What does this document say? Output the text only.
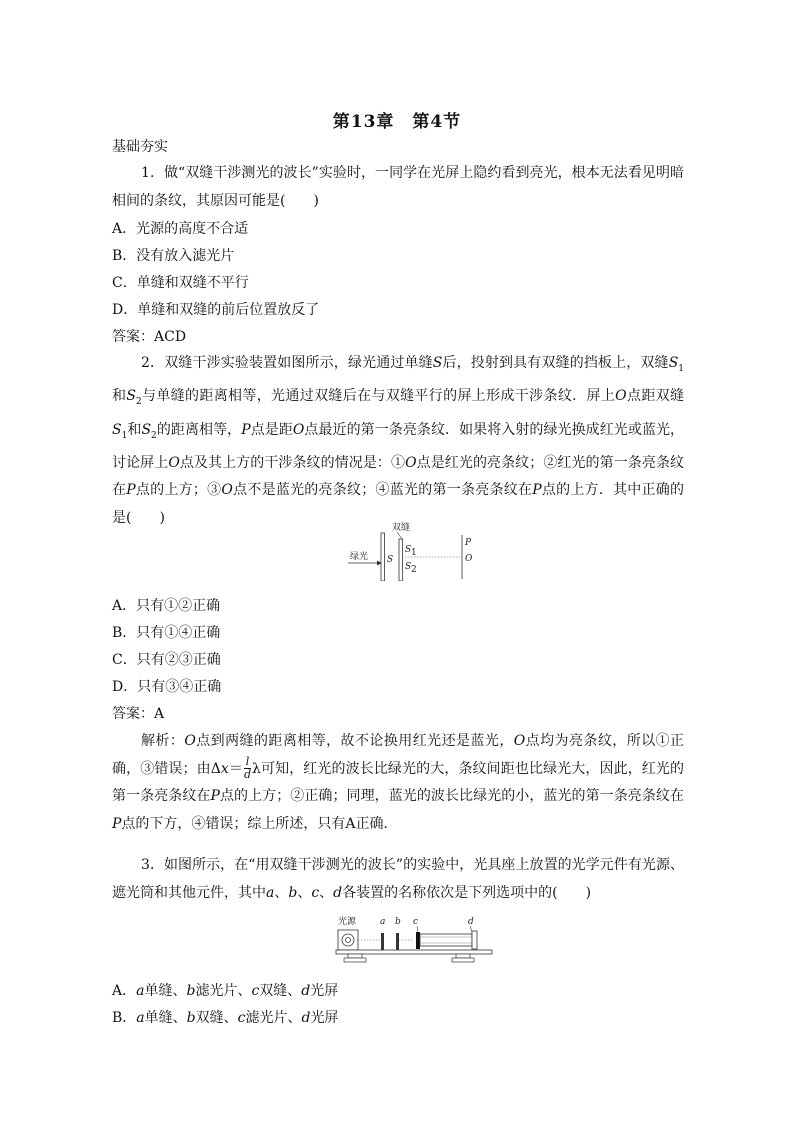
第13章 第4节
基础夯实
1．做“双缝干涉测光的波长”实验时，一同学在光屏上隐约看到亮光，根本无法看见明暗相间的条纹，其原因可能是(　　)
A．光源的高度不合适
B．没有放入滤光片
C．单缝和双缝不平行
D．单缝和双缝的前后位置放反了
答案：ACD
2．双缝干涉实验装置如图所示，绿光通过单缝S后，投射到具有双缝的挡板上，双缝$S_1$和$S_2$与单缝的距离相等，光通过双缝后在与双缝平行的屏上形成干涉条纹．屏上O点距双缝$S_1$和$S_2$的距离相等，P点是距O点最近的第一条亮条纹．如果将入射的绿光换成红光或蓝光，讨论屏上O点及其上方的干涉条纹的情况是：①O点是红光的亮条纹；②红光的第一条亮条纹在P点的上方；③O点不是蓝光的亮条纹；④蓝光的第一条亮条纹在P点的上方．其中正确的是(　　)
双缝
绿光 S
S 1
S 2
P
O
A．只有①②正确
B．只有①④正确
C．只有②③正确
D．只有③④正确
答案：A
解析：O点到两缝的距离相等，故不论换用红光还是蓝光，O点均为亮条纹，所以①正确，③错误；由$\Delta x= \frac{l}{d}$ λ可知，红光的波长比绿光的大，条纹间距也比绿光大，因此，红光的第一条亮条纹在P点的上方；②正确；同理，蓝光的波长比绿光的小，蓝光的第一条亮条纹在P点的下方，④错误；综上所述，只有A正确．
3．如图所示，在“用双缝干涉测光的波长”的实验中，光具座上放置的光学元件有光源、遮光筒和其他元件，其中a、b、c、d各装置的名称依次是下列选项中的(　　)
光源	a b c	d
A．a单缝、b滤光片、c双缝、d光屏
B．a单缝、b双缝、c滤光片、d光屏
